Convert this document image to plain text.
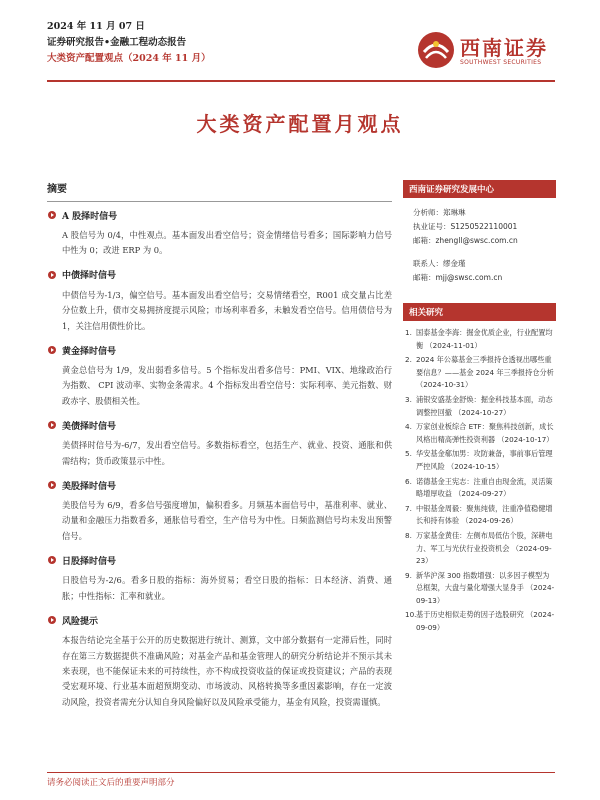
2024 年 11 月 07 日
证券研究报告•金融工程动态报告
大类资产配置观点（2024 年 11 月）	西南证券
SOUTHWEST SECURITIES
大类资产配置月观点
摘要
A 股择时信号
A 股信号为 0/4，中性观点。基本面发出看空信号；资金情绪信号看多；国际影响力信号中性为 0；改进 ERP 为 0。
中债择时信号
中债信号为-1/3，偏空信号。基本面发出看空信号；交易情绪看空，R001 成交量占比差分位数上升，债市交易拥挤度提示风险；市场利率看多，未触发看空信号。信用债信号为 1，关注信用债性价比。
黄金择时信号
黄金总信号为 1/9，发出弱看多信号。5 个指标发出看多信号：PMI、VIX、地缘政治行为指数、 CPI 波动率、实物金条需求。4 个指标发出看空信号：实际利率、美元指数、财政赤字、股债相关性。
美债择时信号
美债择时信号为-6/7，发出看空信号。多数指标看空，包括生产、就业、投资、通胀和供需结构；货币政策显示中性。
美股择时信号
美股信号为 6/9，看多信号强度增加，偏积看多。月频基本面信号中，基准利率、就业、动量和金融压力指数看多，通胀信号看空，生产信号为中性。日频监测信号均未发出预警信号。
日股择时信号
日股信号为-2/6。看多日股的指标：海外贸易；看空日股的指标：日本经济、消费、通胀；中性指标：汇率和就业。
风险提示
本报告结论完全基于公开的历史数据进行统计、测算，文中部分数据有一定滞后性，同时存在第三方数据提供不准确风险；对基金产品和基金管理人的研究分析结论并不预示其未来表现，也不能保证未来的可持续性，亦不构成投资收益的保证或投资建议；产品的表现受宏观环境、行业基本面超预期变动、市场波动、风格转换等多重因素影响，存在一定波动风险，投资者需充分认知自身风险偏好以及风险承受能力，基金有风险，投资需谨慎。
西南证券研究发展中心
分析师：郑琳琳
执业证号：S1250522110001
邮箱：zhengll@swsc.com.cn
联系人：缪金瑾
邮箱：mjj@swsc.com.cn
相关研究
1. 国泰基金李海：掘金优质企业，行业配置均衡 （2024-11-01）
2. 2024 年公募基金三季报持仓透视出哪些重要信息？——基金 2024 年三季报持仓分析 （2024-10-31）
3. 浦银安盛基金舒焕：掘金科技基本面，动态调整控回撤 （2024-10-27）
4. 万家创业板综合 ETF：聚焦科技创新，成长风格出精高弹性投资利器 （2024-10-17）
5. 华安基金郗加男：攻防兼备，事前事后管理严控风险 （2024-10-15）
6. 诺德基金王宪志：注重自由现金流，灵活策略增厚收益 （2024-09-27）
7. 中银基金周毅：聚焦纯债，注重净值稳健增长和持有体验 （2024-09-26）
8. 万家基金黄佳：左侧布局低估个股，深耕电力、军工与光伏行业投资机会 （2024-09-23）
9. 新华沪深 300 指数增强：以多因子模型为总框架，大盘与量化增强大显身手 （2024-09-13）
10. 基于历史相似走势的因子选股研究 （2024-09-09）
请务必阅读正文后的重要声明部分
